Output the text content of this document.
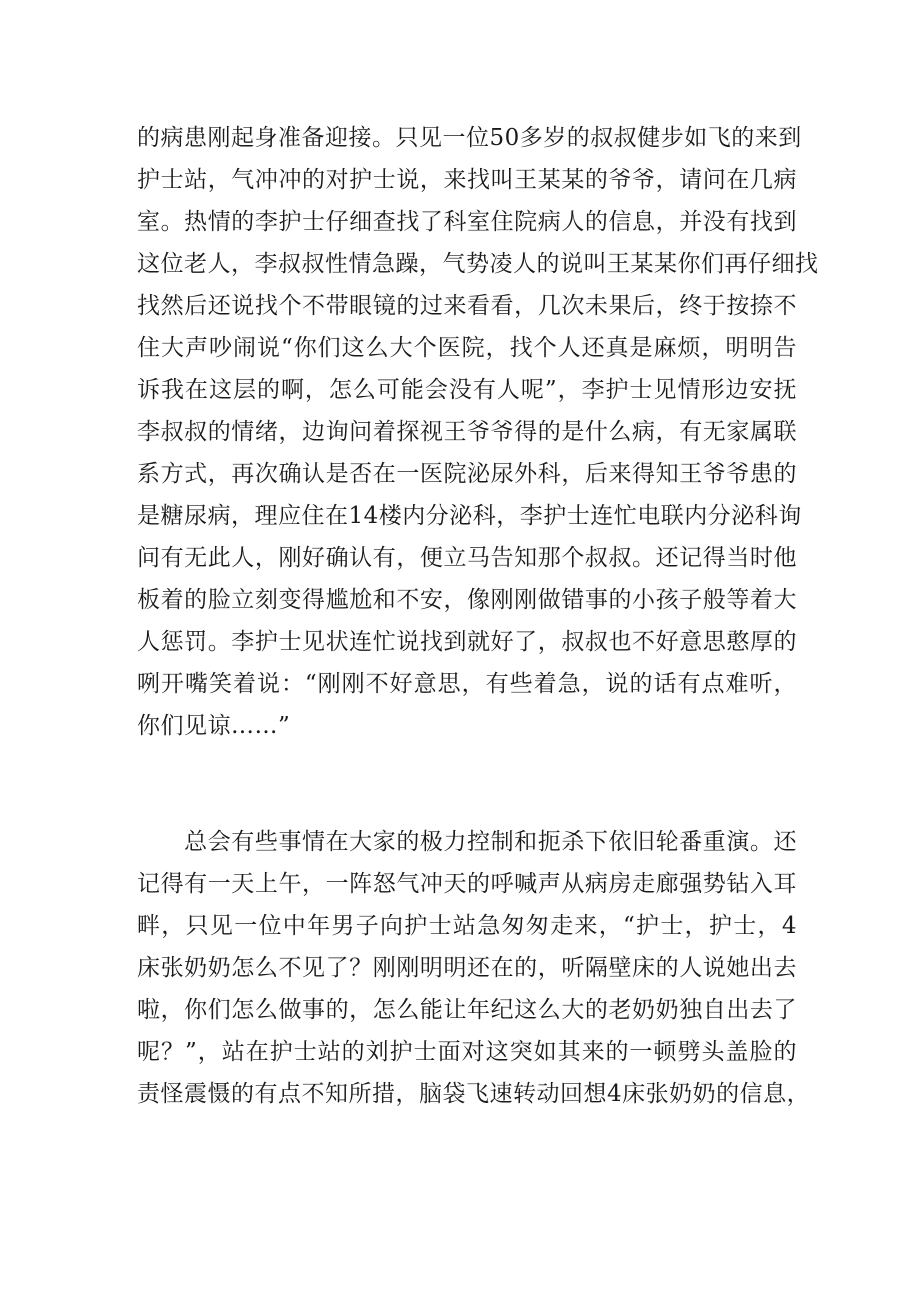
的病患刚起身准备迎接。只见一位50多岁的叔叔健步如飞的来到
护士站，气冲冲的对护士说，来找叫王某某的爷爷，请问在几病
室。热情的李护士仔细查找了科室住院病人的信息，并没有找到
这位老人，李叔叔性情急躁，气势凌人的说叫王某某你们再仔细找
找然后还说找个不带眼镜的过来看看，几次未果后，终于按捺不
住大声吵闹说“你们这么大个医院，找个人还真是麻烦，明明告
诉我在这层的啊，怎么可能会没有人呢”，李护士见情形边安抚
李叔叔的情绪，边询问着探视王爷爷得的是什么病，有无家属联
系方式，再次确认是否在一医院泌尿外科，后来得知王爷爷患的
是糖尿病，理应住在14楼内分泌科，李护士连忙电联内分泌科询
问有无此人，刚好确认有，便立马告知那个叔叔。还记得当时他
板着的脸立刻变得尴尬和不安，像刚刚做错事的小孩子般等着大
人惩罚。李护士见状连忙说找到就好了，叔叔也不好意思憨厚的
咧开嘴笑着说：“刚刚不好意思，有些着急，说的话有点难听，
你们见谅……”
　　总会有些事情在大家的极力控制和扼杀下依旧轮番重演。还
记得有一天上午，一阵怒气冲天的呼喊声从病房走廊强势钻入耳
畔，只见一位中年男子向护士站急匆匆走来，“护士，护士，4
床张奶奶怎么不见了？刚刚明明还在的，听隔壁床的人说她出去
啦，你们怎么做事的，怎么能让年纪这么大的老奶奶独自出去了
呢？”，站在护士站的刘护士面对这突如其来的一顿劈头盖脸的
责怪震慑的有点不知所措，脑袋飞速转动回想4床张奶奶的信息，
